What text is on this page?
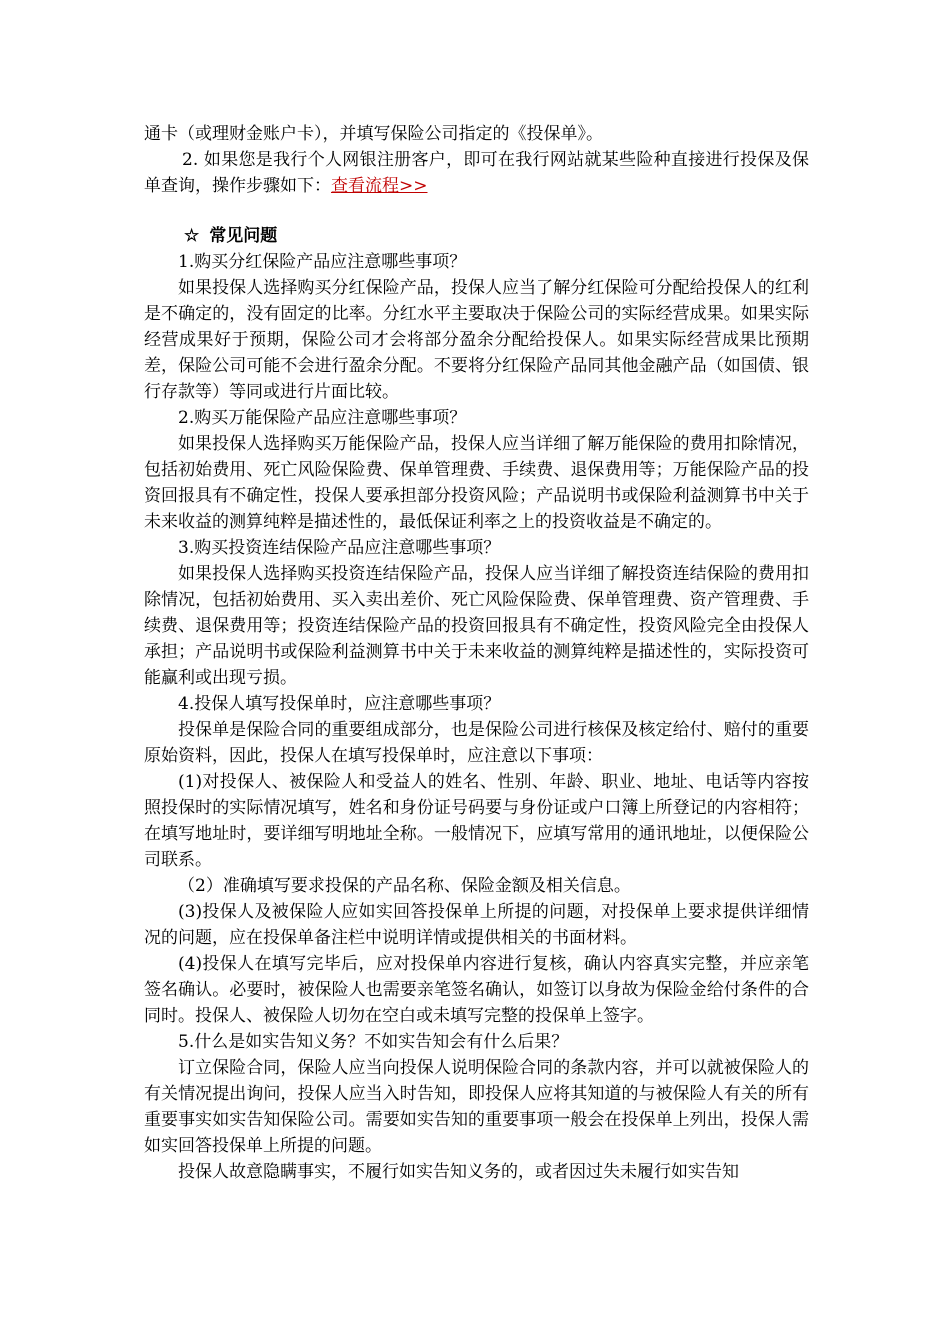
通卡（或理财金账户卡），并填写保险公司指定的《投保单》。

2. 如果您是我行个人网银注册客户，即可在我行网站就某些险种直接进行投保及保单查询，操作步骤如下：查看流程>>

☆ 常见问题

1.购买分红保险产品应注意哪些事项？

如果投保人选择购买分红保险产品，投保人应当了解分红保险可分配给投保人的红利是不确定的，没有固定的比率。分红水平主要取决于保险公司的实际经营成果。如果实际经营成果好于预期，保险公司才会将部分盈余分配给投保人。如果实际经营成果比预期差，保险公司可能不会进行盈余分配。不要将分红保险产品同其他金融产品（如国债、银行存款等）等同或进行片面比较。

2.购买万能保险产品应注意哪些事项？

如果投保人选择购买万能保险产品，投保人应当详细了解万能保险的费用扣除情况，包括初始费用、死亡风险保险费、保单管理费、手续费、退保费用等；万能保险产品的投资回报具有不确定性，投保人要承担部分投资风险；产品说明书或保险利益测算书中关于未来收益的测算纯粹是描述性的，最低保证利率之上的投资收益是不确定的。

3.购买投资连结保险产品应注意哪些事项？

如果投保人选择购买投资连结保险产品，投保人应当详细了解投资连结保险的费用扣除情况，包括初始费用、买入卖出差价、死亡风险保险费、保单管理费、资产管理费、手续费、退保费用等；投资连结保险产品的投资回报具有不确定性，投资风险完全由投保人承担；产品说明书或保险利益测算书中关于未来收益的测算纯粹是描述性的，实际投资可能赢利或出现亏损。

4.投保人填写投保单时，应注意哪些事项？

投保单是保险合同的重要组成部分，也是保险公司进行核保及核定给付、赔付的重要原始资料，因此，投保人在填写投保单时，应注意以下事项：

(1)对投保人、被保险人和受益人的姓名、性别、年龄、职业、地址、电话等内容按照投保时的实际情况填写，姓名和身份证号码要与身份证或户口簿上所登记的内容相符；在填写地址时，要详细写明地址全称。一般情况下，应填写常用的通讯地址，以便保险公司联系。

（2）准确填写要求投保的产品名称、保险金额及相关信息。

(3)投保人及被保险人应如实回答投保单上所提的问题，对投保单上要求提供详细情况的问题，应在投保单备注栏中说明详情或提供相关的书面材料。

(4)投保人在填写完毕后，应对投保单内容进行复核，确认内容真实完整，并应亲笔签名确认。必要时，被保险人也需要亲笔签名确认，如签订以身故为保险金给付条件的合同时。投保人、被保险人切勿在空白或未填写完整的投保单上签字。

5.什么是如实告知义务？不如实告知会有什么后果？

订立保险合同，保险人应当向投保人说明保险合同的条款内容，并可以就被保险人的有关情况提出询问，投保人应当入时告知，即投保人应将其知道的与被保险人有关的所有重要事实如实告知保险公司。需要如实告知的重要事项一般会在投保单上列出，投保人需如实回答投保单上所提的问题。

投保人故意隐瞒事实，不履行如实告知义务的，或者因过失未履行如实告知
